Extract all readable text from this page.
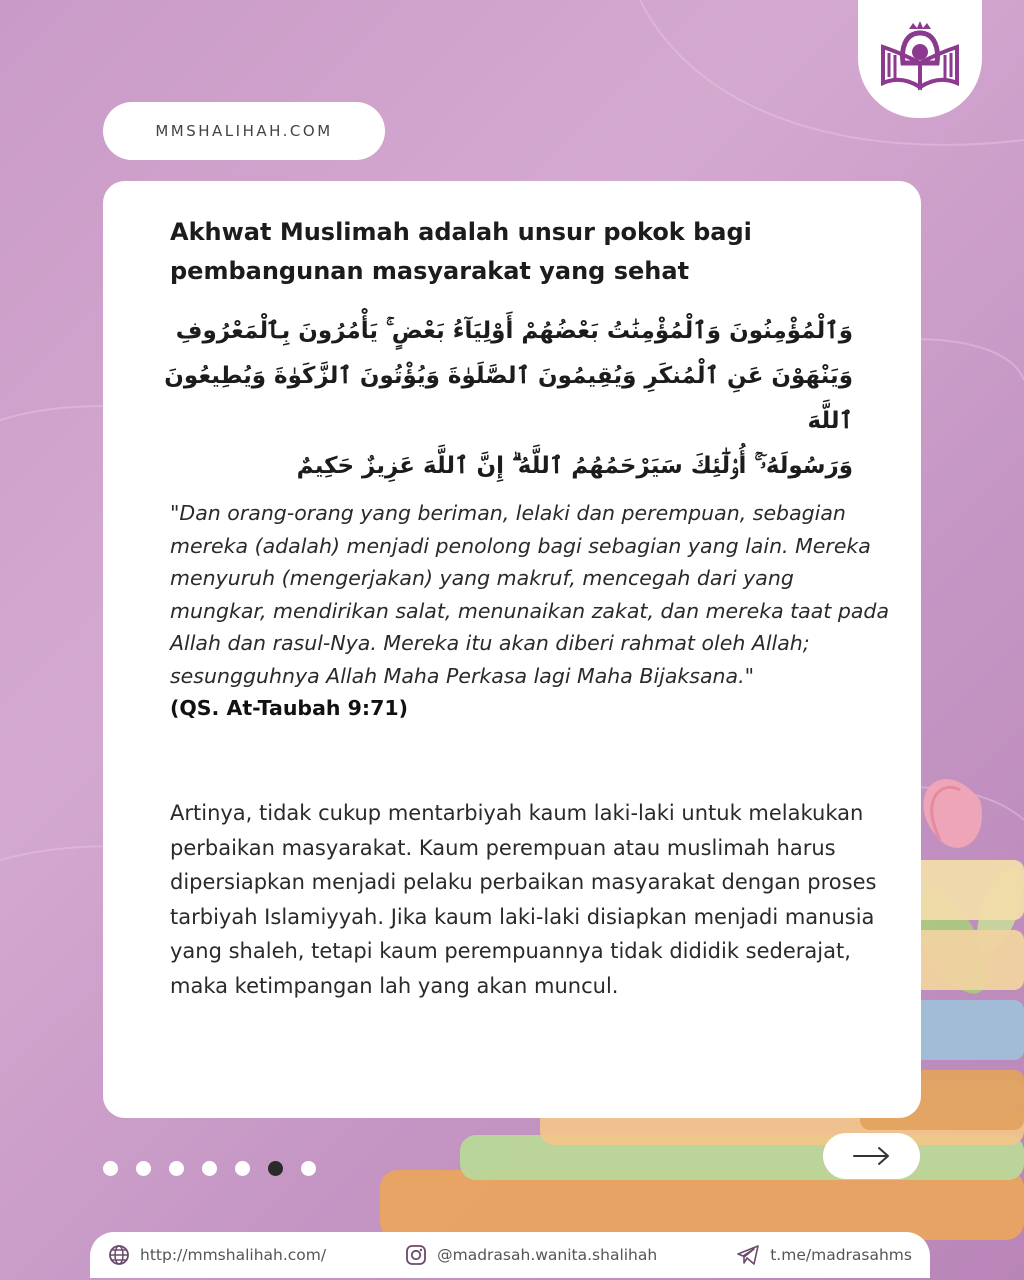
MMSHALIHAH.COM
Akhwat Muslimah adalah unsur pokok bagi pembangunan masyarakat yang sehat
وَٱلْمُؤْمِنُونَ وَٱلْمُؤْمِنَٰتُ بَعْضُهُمْ أَوْلِيَآءُ بَعْضٍ ۚ يَأْمُرُونَ بِٱلْمَعْرُوفِ
وَيَنْهَوْنَ عَنِ ٱلْمُنكَرِ وَيُقِيمُونَ ٱلصَّلَوٰةَ وَيُؤْتُونَ ٱلزَّكَوٰةَ وَيُطِيعُونَ ٱللَّهَ
وَرَسُولَهُۥٓ ۚ أُو۟لَٰٓئِكَ سَيَرْحَمُهُمُ ٱللَّهُ ۗ إِنَّ ٱللَّهَ عَزِيزٌ حَكِيمٌ
"Dan orang-orang yang beriman, lelaki dan perempuan, sebagian mereka (adalah) menjadi penolong bagi sebagian yang lain. Mereka menyuruh (mengerjakan) yang makruf, mencegah dari yang mungkar, mendirikan salat, menunaikan zakat, dan mereka taat pada Allah dan rasul-Nya. Mereka itu akan diberi rahmat oleh Allah; sesungguhnya Allah Maha Perkasa lagi Maha Bijaksana."
(QS. At-Taubah 9:71)

Artinya, tidak cukup mentarbiyah kaum laki-laki untuk melakukan perbaikan masyarakat. Kaum perempuan atau muslimah harus dipersiapkan menjadi pelaku perbaikan masyarakat dengan proses tarbiyah Islamiyyah. Jika kaum laki-laki disiapkan menjadi manusia yang shaleh, tetapi kaum perempuannya tidak dididik sederajat, maka ketimpangan lah yang akan muncul.

http://mmshalihah.com/	@madrasah.wanita.shalihah	t.me/madrasahms
